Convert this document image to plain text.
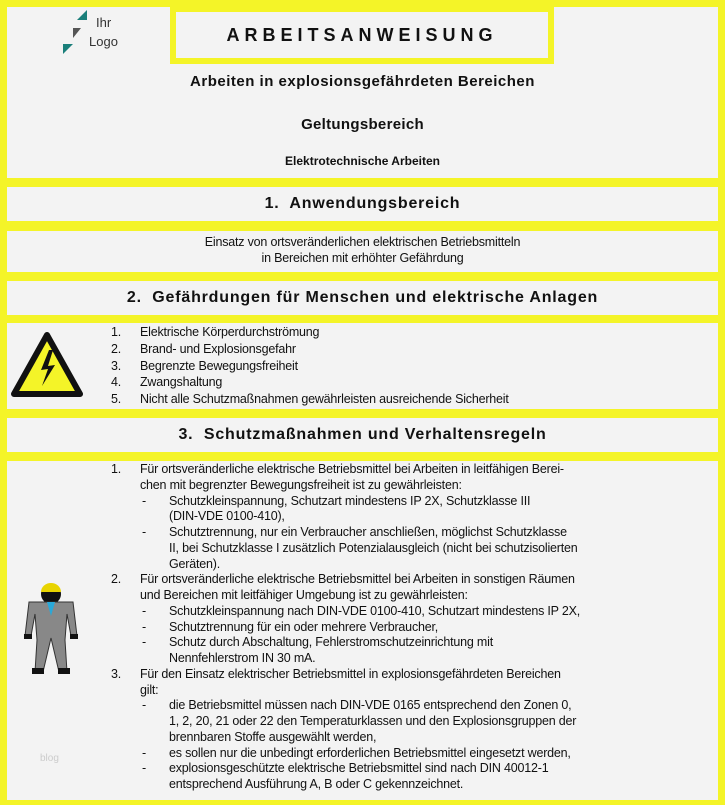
Ihr
Logo	ARBEITSANWEISUNG
Arbeiten in explosionsgefährdeten Bereichen
Geltungsbereich
Elektrotechnische Arbeiten
1.  Anwendungsbereich
Einsatz von ortsveränderlichen elektrischen Betriebsmitteln
in Bereichen mit erhöhter Gefährdung
2.  Gefährdungen für Menschen und elektrische Anlagen
1. Elektrische Körperdurchströmung
2. Brand- und Explosionsgefahr
3. Begrenzte Bewegungsfreiheit
4. Zwangshaltung
5. Nicht alle Schutzmaßnahmen gewährleisten ausreichende Sicherheit
3.  Schutzmaßnahmen und Verhaltensregeln
blog
1. Für ortsveränderliche elektrische Betriebsmittel bei Arbeiten in leitfähigen Berei-
chen mit begrenzter Bewegungsfreiheit ist zu gewährleisten:
- Schutzkleinspannung, Schutzart mindestens IP 2X, Schutzklasse III
(DIN-VDE 0100-410),
- Schutztrennung, nur ein Verbraucher anschließen, möglichst Schutzklasse
II, bei Schutzklasse I zusätzlich Potenzialausgleich (nicht bei schutzisolierten
Geräten).
2. Für ortsveränderliche elektrische Betriebsmittel bei Arbeiten in sonstigen Räumen
und Bereichen mit leitfähiger Umgebung ist zu gewährleisten:
- Schutzkleinspannung nach DIN-VDE 0100-410, Schutzart mindestens IP 2X,
- Schutztrennung für ein oder mehrere Verbraucher,
- Schutz durch Abschaltung, Fehlerstromschutzeinrichtung mit
Nennfehlerstrom IN 30 mA.
3. Für den Einsatz elektrischer Betriebsmittel in explosionsgefährdeten Bereichen
gilt:
- die Betriebsmittel müssen nach DIN-VDE 0165 entsprechend den Zonen 0,
1, 2, 20, 21 oder 22 den Temperaturklassen und den Explosionsgruppen der
brennbaren Stoffe ausgewählt werden,
- es sollen nur die unbedingt erforderlichen Betriebsmittel eingesetzt werden,
- explosionsgeschützte elektrische Betriebsmittel sind nach DIN 40012-1
entsprechend Ausführung A, B oder C gekennzeichnet.
